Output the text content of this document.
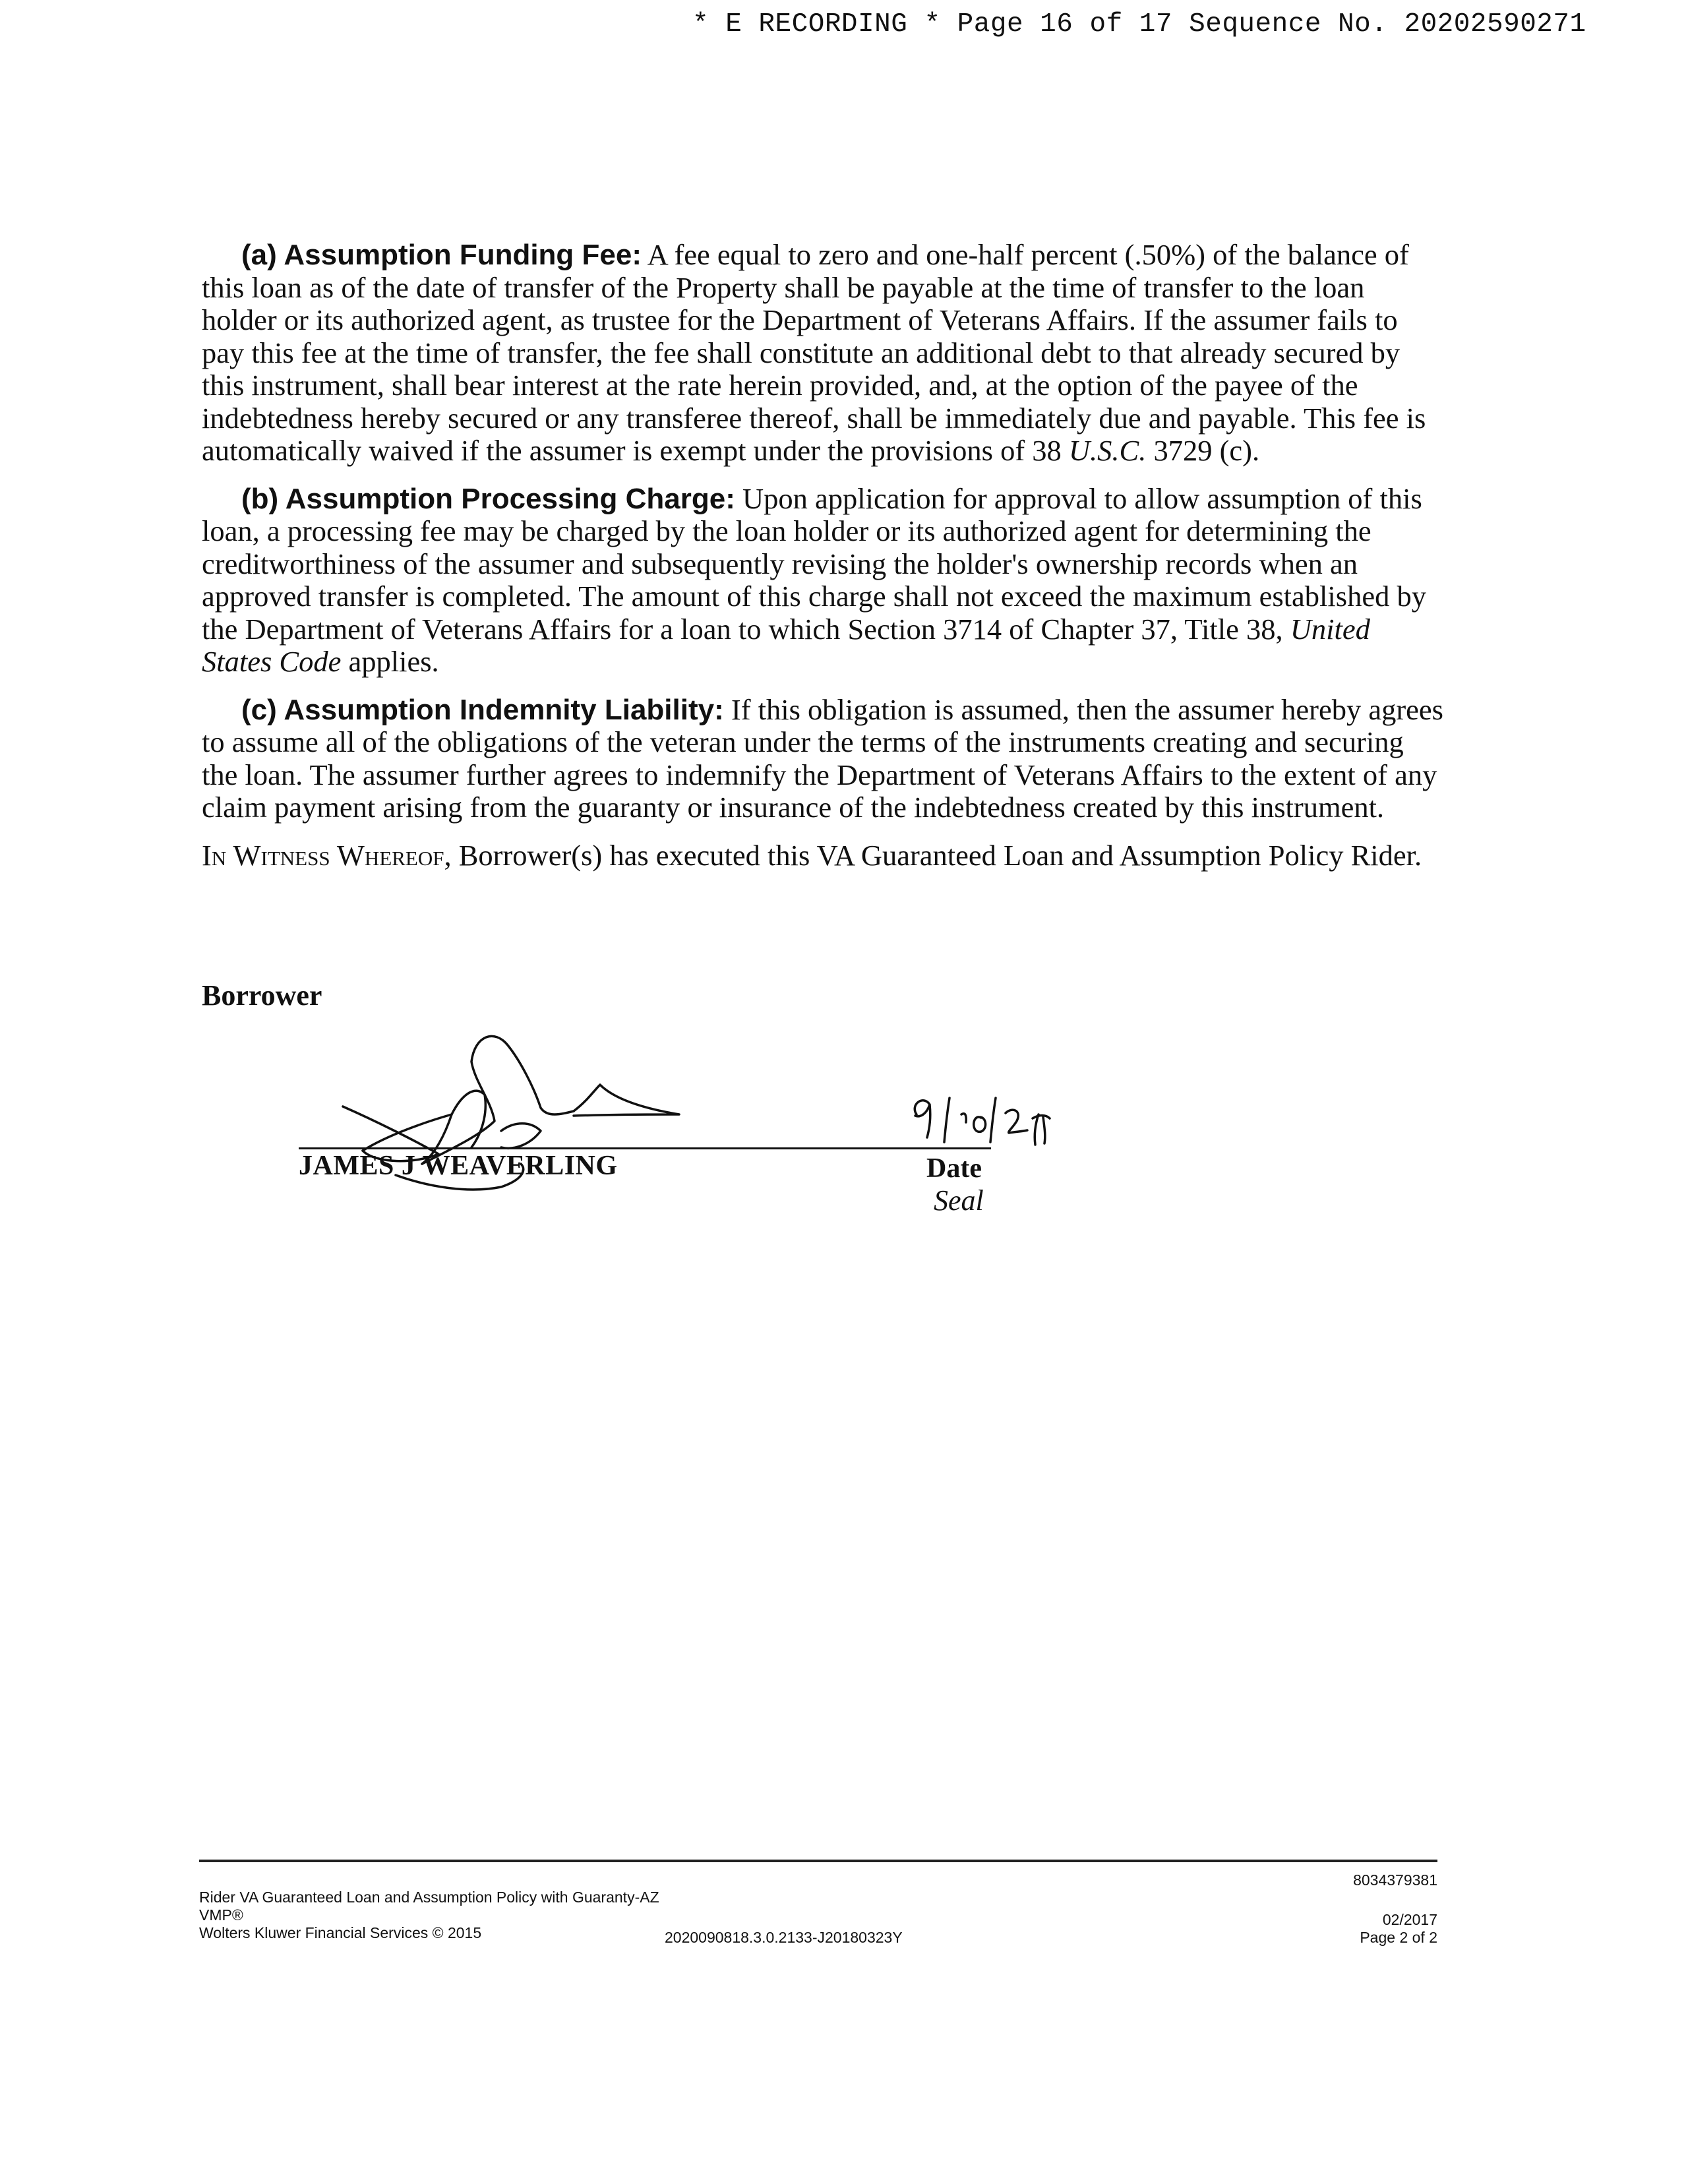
* E RECORDING * Page 16 of 17 Sequence No. 20202590271

(a) Assumption Funding Fee: A fee equal to zero and one-half percent (.50%) of the balance of this loan as of the date of transfer of the Property shall be payable at the time of transfer to the loan holder or its authorized agent, as trustee for the Department of Veterans Affairs. If the assumer fails to pay this fee at the time of transfer, the fee shall constitute an additional debt to that already secured by this instrument, shall bear interest at the rate herein provided, and, at the option of the payee of the indebtedness hereby secured or any transferee thereof, shall be immediately due and payable. This fee is automatically waived if the assumer is exempt under the provisions of 38 U.S.C. 3729 (c).

(b) Assumption Processing Charge: Upon application for approval to allow assumption of this loan, a processing fee may be charged by the loan holder or its authorized agent for determining the creditworthiness of the assumer and subsequently revising the holder's ownership records when an approved transfer is completed. The amount of this charge shall not exceed the maximum established by the Department of Veterans Affairs for a loan to which Section 3714 of Chapter 37, Title 38, United States Code applies.

(c) Assumption Indemnity Liability: If this obligation is assumed, then the assumer hereby agrees to assume all of the obligations of the veteran under the terms of the instruments creating and securing the loan. The assumer further agrees to indemnify the Department of Veterans Affairs to the extent of any claim payment arising from the guaranty or insurance of the indebtedness created by this instrument.

In Witness Whereof, Borrower(s) has executed this VA Guaranteed Loan and Assumption Policy Rider.

Borrower
JAMES J WEAVERLING	Date
Seal
Rider VA Guaranteed Loan and Assumption Policy with Guaranty-AZ
VMP®
Wolters Kluwer Financial Services © 2015	2020090818.3.0.2133-J20180323Y
8034379381
02/2017
Page 2 of 2
